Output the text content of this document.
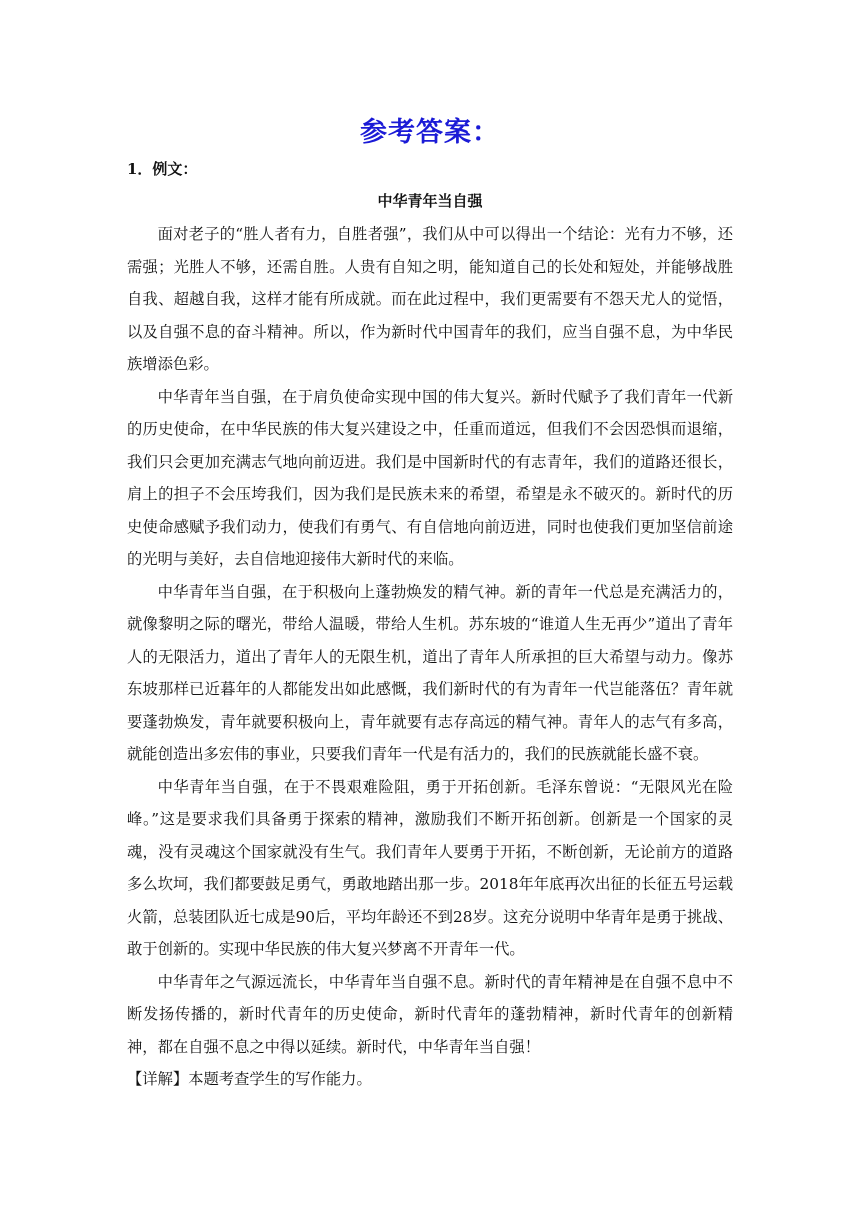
参考答案：
1．例文：
中华青年当自强

面对老子的“胜人者有力，自胜者强”，我们从中可以得出一个结论：光有力不够，还需强；光胜人不够，还需自胜。人贵有自知之明，能知道自己的长处和短处，并能够战胜自我、超越自我，这样才能有所成就。而在此过程中，我们更需要有不怨天尤人的觉悟，以及自强不息的奋斗精神。所以，作为新时代中国青年的我们，应当自强不息，为中华民族增添色彩。

中华青年当自强，在于肩负使命实现中国的伟大复兴。新时代赋予了我们青年一代新的历史使命，在中华民族的伟大复兴建设之中，任重而道远，但我们不会因恐惧而退缩，我们只会更加充满志气地向前迈进。我们是中国新时代的有志青年，我们的道路还很长，肩上的担子不会压垮我们，因为我们是民族未来的希望，希望是永不破灭的。新时代的历史使命感赋予我们动力，使我们有勇气、有自信地向前迈进，同时也使我们更加坚信前途的光明与美好，去自信地迎接伟大新时代的来临。

中华青年当自强，在于积极向上蓬勃焕发的精气神。新的青年一代总是充满活力的，就像黎明之际的曙光，带给人温暖，带给人生机。苏东坡的“谁道人生无再少”道出了青年人的无限活力，道出了青年人的无限生机，道出了青年人所承担的巨大希望与动力。像苏东坡那样已近暮年的人都能发出如此感慨，我们新时代的有为青年一代岂能落伍？青年就要蓬勃焕发，青年就要积极向上，青年就要有志存高远的精气神。青年人的志气有多高，就能创造出多宏伟的事业，只要我们青年一代是有活力的，我们的民族就能长盛不衰。

中华青年当自强，在于不畏艰难险阻，勇于开拓创新。毛泽东曾说：“无限风光在险峰。”这是要求我们具备勇于探索的精神，激励我们不断开拓创新。创新是一个国家的灵魂，没有灵魂这个国家就没有生气。我们青年人要勇于开拓，不断创新，无论前方的道路多么坎坷，我们都要鼓足勇气，勇敢地踏出那一步。2018年年底再次出征的长征五号运载火箭，总装团队近七成是90后，平均年龄还不到28岁。这充分说明中华青年是勇于挑战、敢于创新的。实现中华民族的伟大复兴梦离不开青年一代。

中华青年之气源远流长，中华青年当自强不息。新时代的青年精神是在自强不息中不断发扬传播的，新时代青年的历史使命，新时代青年的蓬勃精神，新时代青年的创新精神，都在自强不息之中得以延续。新时代，中华青年当自强！

【详解】本题考查学生的写作能力。
